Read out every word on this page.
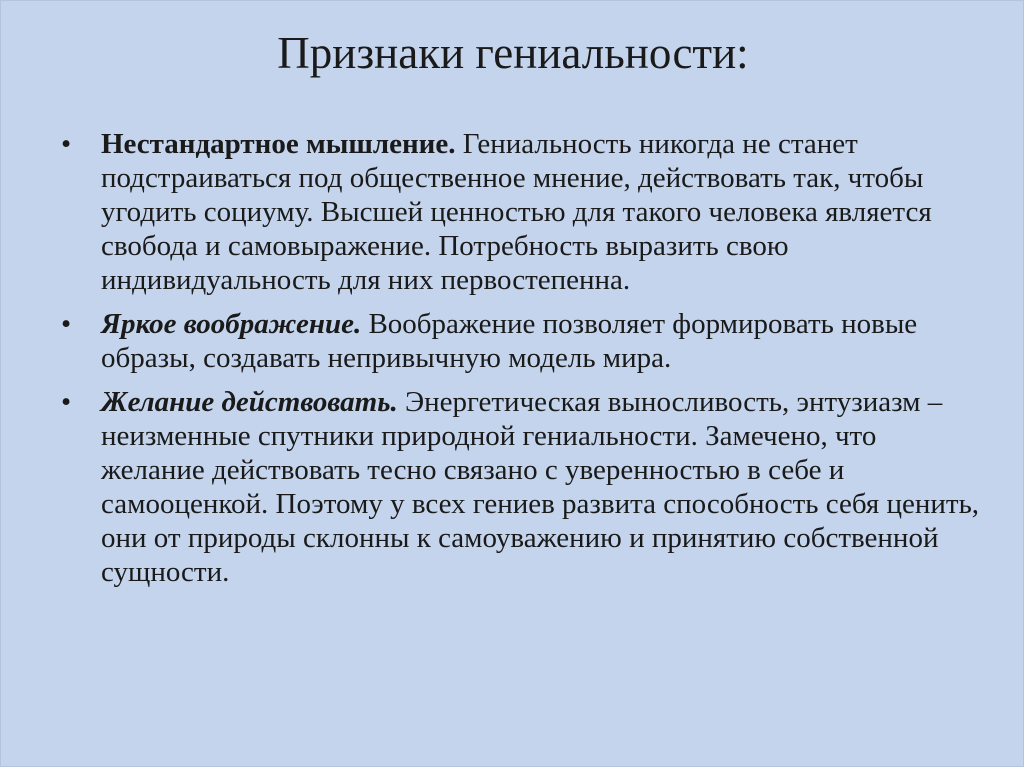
Признаки гениальности:
• Нестандартное мышление. Гениальность никогда не станет подстраиваться под общественное мнение, действовать так, чтобы угодить социуму. Высшей ценностью для такого человека является свобода и самовыражение. Потребность выразить свою индивидуальность для них первостепенна.
• Яркое воображение. Воображение позволяет формировать новые образы, создавать непривычную модель мира.
• Желание действовать. Энергетическая выносливость, энтузиазм – неизменные спутники природной гениальности. Замечено, что желание действовать тесно связано с уверенностью в себе и самооценкой. Поэтому у всех гениев развита способность себя ценить, они от природы склонны к самоуважению и принятию собственной сущности.
